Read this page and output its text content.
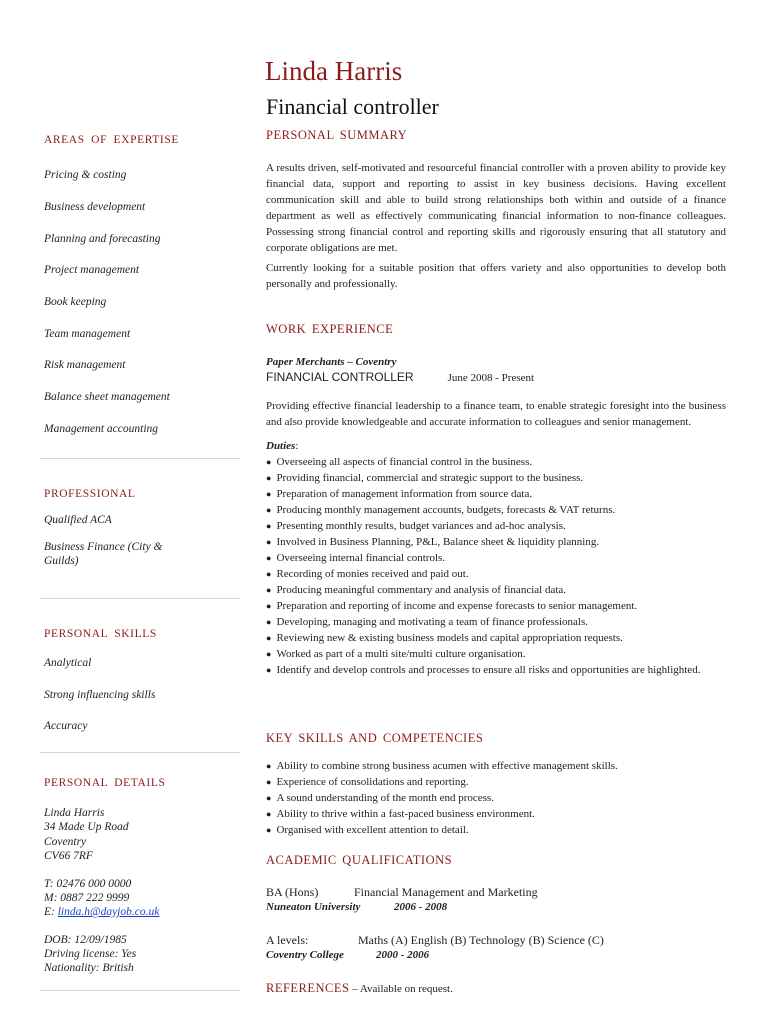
AREAS OF EXPERTISE
Pricing & costing
Business development
Planning and forecasting
Project management
Book keeping
Team management
Risk management
Balance sheet management
Management accounting
PROFESSIONAL
Qualified ACA
Business Finance (City & Guilds)
PERSONAL SKILLS
Analytical
Strong influencing skills
Accuracy
PERSONAL DETAILS
Linda Harris
34 Made Up Road
Coventry
CV66 7RF
T: 02476 000 0000
M: 0887 222 9999
E: linda.h@dayjob.co.uk
DOB: 12/09/1985
Driving license: Yes
Nationality: British
Linda Harris
Financial controller
PERSONAL SUMMARY

A results driven, self-motivated and resourceful financial controller with a proven ability to provide key financial data, support and reporting to assist in key business decisions. Having excellent communication skill and able to build strong relationships both within and outside of a finance department as well as effectively communicating financial information to non-finance colleagues. Possessing strong financial control and reporting skills and rigorously ensuring that all statutory and corporate obligations are met.

Currently looking for a suitable position that offers variety and also opportunities to develop both personally and professionally.

WORK EXPERIENCE
Paper Merchants – Coventry
FINANCIAL CONTROLLER	June 2008 - Present

Providing effective financial leadership to a finance team, to enable strategic foresight into the business and also provide knowledgeable and accurate information to colleagues and senior management.

Duties:
● Overseeing all aspects of financial control in the business.
● Providing financial, commercial and strategic support to the business.
● Preparation of management information from source data.
● Producing monthly management accounts, budgets, forecasts & VAT returns.
● Presenting monthly results, budget variances and ad-hoc analysis.
● Involved in Business Planning, P&L, Balance sheet & liquidity planning.
● Overseeing internal financial controls.
● Recording of monies received and paid out.
● Producing meaningful commentary and analysis of financial data.
● Preparation and reporting of income and expense forecasts to senior management.
● Developing, managing and motivating a team of finance professionals.
● Reviewing new & existing business models and capital appropriation requests.
● Worked as part of a multi site/multi culture organisation.
● Identify and develop controls and processes to ensure all risks and opportunities are highlighted.
KEY SKILLS AND COMPETENCIES
● Ability to combine strong business acumen with effective management skills.
● Experience of consolidations and reporting.
● A sound understanding of the month end process.
● Ability to thrive within a fast-paced business environment.
● Organised with excellent attention to detail.
ACADEMIC QUALIFICATIONS
BA (Hons)	Financial Management and Marketing
Nuneaton University	2006 - 2008
A levels:	Maths (A) English (B) Technology (B) Science (C)
Coventry College	2000 - 2006
REFERENCES – Available on request.
